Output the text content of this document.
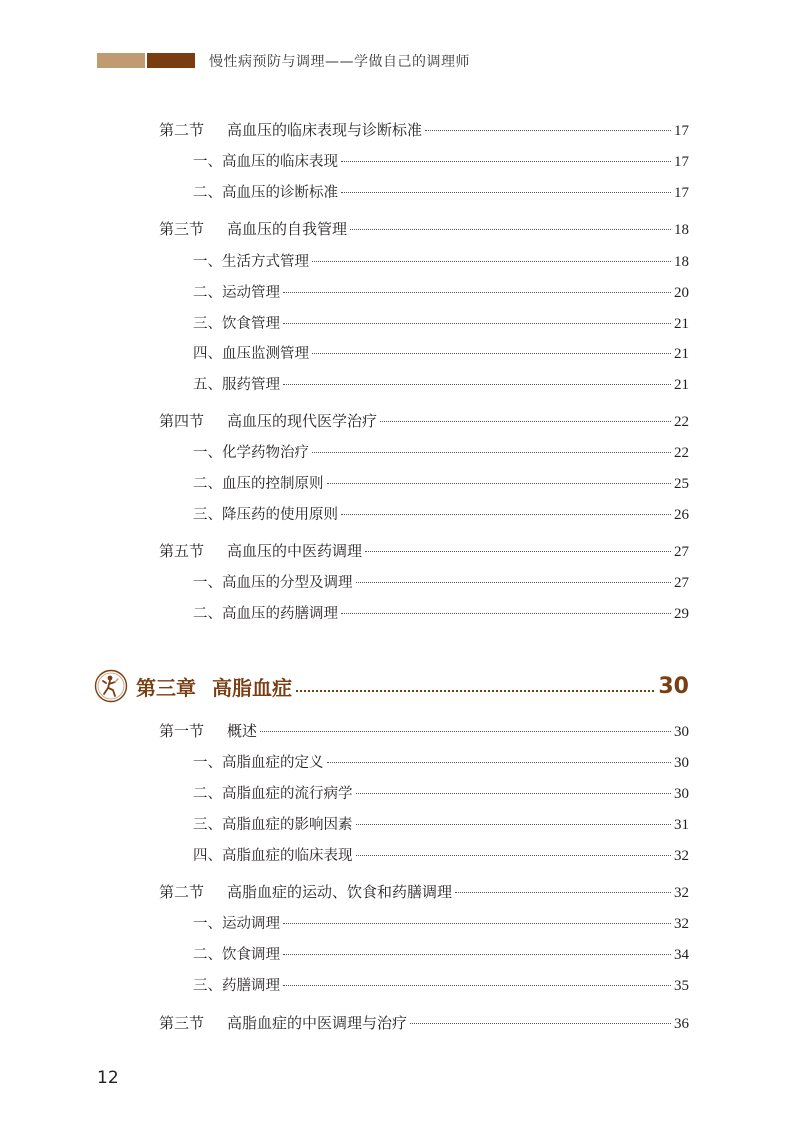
慢性病预防与调理——学做自己的调理师
第二节 高血压的临床表现与诊断标准	17
一、高血压的临床表现	17
二、高血压的诊断标准	17
第三节 高血压的自我管理	18
一、生活方式管理	18
二、运动管理	20
三、饮食管理	21
四、血压监测管理	21
五、服药管理	21
第四节 高血压的现代医学治疗	22
一、化学药物治疗	22
二、血压的控制原则	25
三、降压药的使用原则	26
第五节 高血压的中医药调理	27
一、高血压的分型及调理	27
二、高血压的药膳调理	29
第三章 高脂血症	30
第一节 概述	30
一、高脂血症的定义	30
二、高脂血症的流行病学	30
三、高脂血症的影响因素	31
四、高脂血症的临床表现	32
第二节 高脂血症的运动、饮食和药膳调理	32
一、运动调理	32
二、饮食调理	34
三、药膳调理	35
第三节 高脂血症的中医调理与治疗	36
12
